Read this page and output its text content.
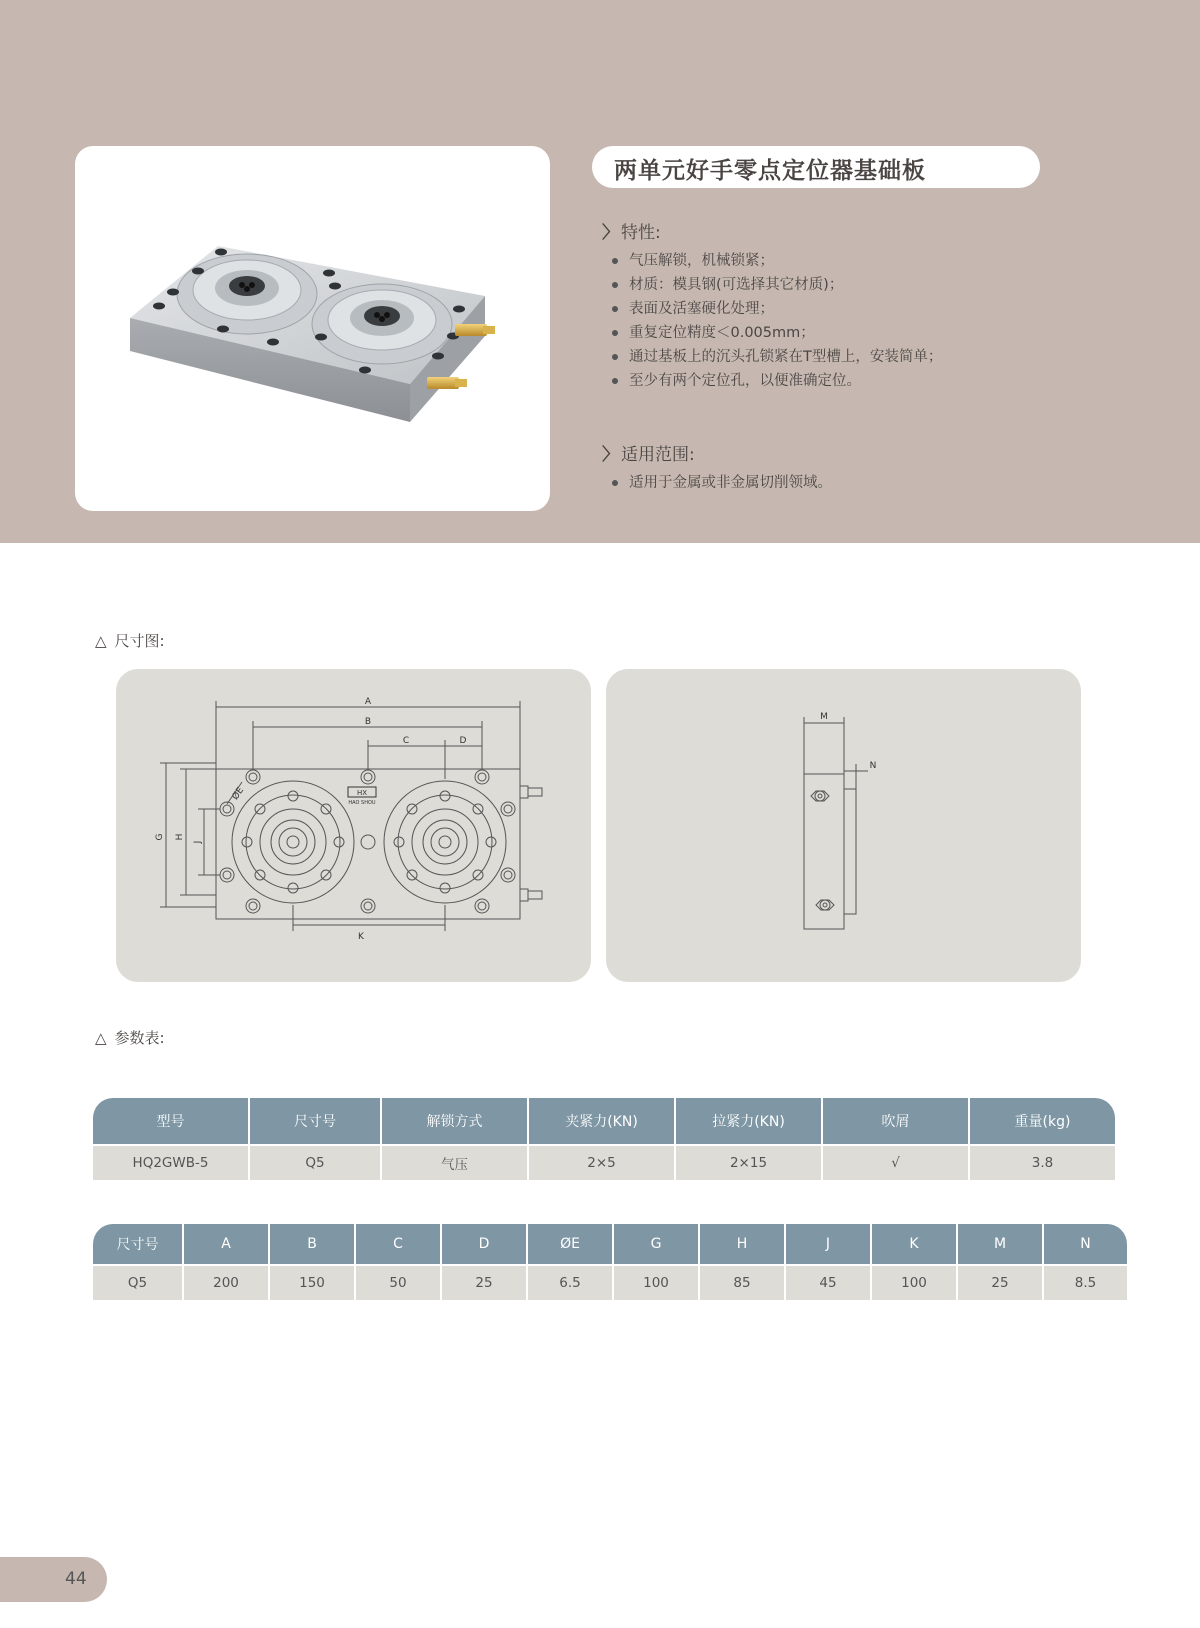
两单元好手零点定位器基础板
〉 特性:
气压解锁，机械锁紧；
材质：模具钢(可选择其它材质)；
表面及活塞硬化处理；
重复定位精度＜0.005mm；
通过基板上的沉头孔锁紧在T型槽上，安装简单；
至少有两个定位孔，以便准确定位。
〉 适用范围:
适用于金属或非金属切削领域。
△ 尺寸图:
HX
HAO SHOU
A
B
C	D
ØE
G H
J
K
M
N
△ 参数表:
型号	尺寸号	解锁方式	夹紧力(KN)	拉紧力(KN)	吹屑	重量(kg)
HQ2GWB-5	Q5	气压	2×5	2×15	√	3.8
尺寸号	A	B	C	D	ØE	G	H	J	K	M	N
Q5	200	150	50	25	6.5	100	85	45	100	25	8.5
44
